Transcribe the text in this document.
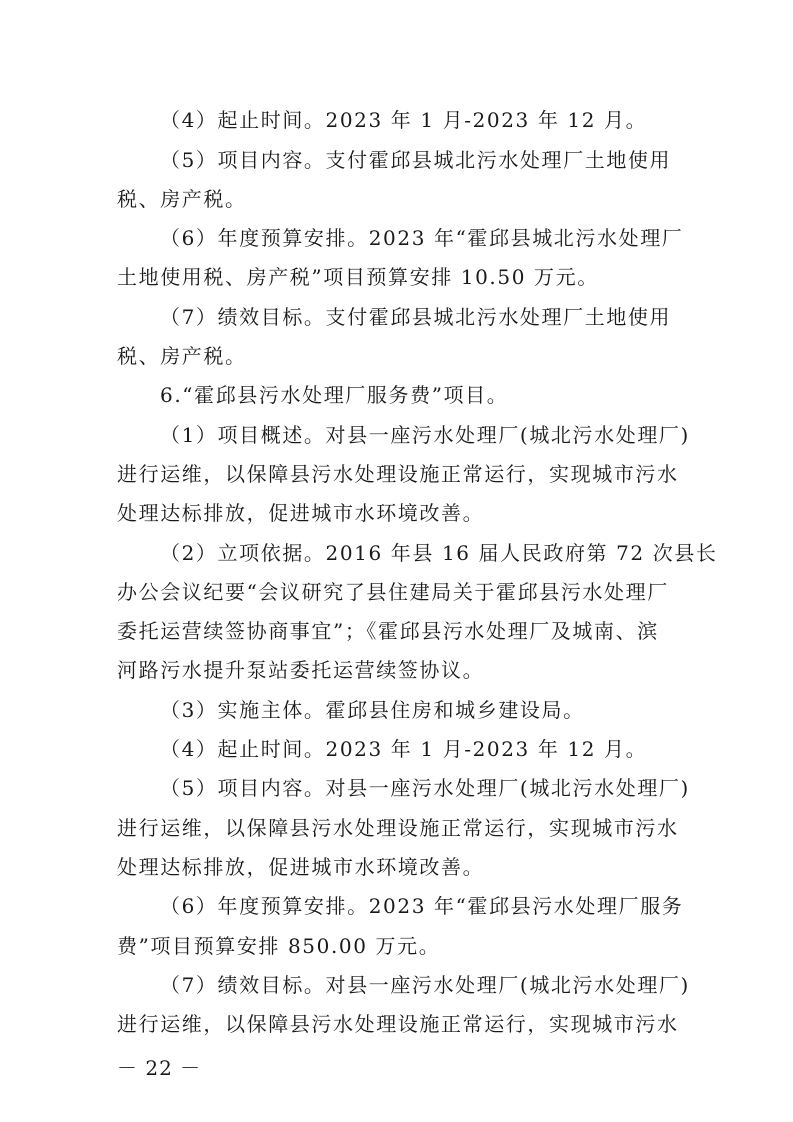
（4）起止时间。2023 年 1 月-2023 年 12 月。
（5）项目内容。支付霍邱县城北污水处理厂土地使用
税、房产税。
（6）年度预算安排。2023 年“霍邱县城北污水处理厂
土地使用税、房产税”项目预算安排 10.50 万元。
（7）绩效目标。支付霍邱县城北污水处理厂土地使用
税、房产税。
6.“霍邱县污水处理厂服务费”项目。
（1）项目概述。对县一座污水处理厂(城北污水处理厂)
进行运维，以保障县污水处理设施正常运行，实现城市污水
处理达标排放，促进城市水环境改善。
（2）立项依据。2016 年县 16 届人民政府第 72 次县长
办公会议纪要“会议研究了县住建局关于霍邱县污水处理厂
委托运营续签协商事宜”；《霍邱县污水处理厂及城南、滨
河路污水提升泵站委托运营续签协议。
（3）实施主体。霍邱县住房和城乡建设局。
（4）起止时间。2023 年 1 月-2023 年 12 月。
（5）项目内容。对县一座污水处理厂(城北污水处理厂)
进行运维，以保障县污水处理设施正常运行，实现城市污水
处理达标排放，促进城市水环境改善。
（6）年度预算安排。2023 年“霍邱县污水处理厂服务
费”项目预算安排 850.00 万元。
（7）绩效目标。对县一座污水处理厂(城北污水处理厂)
进行运维，以保障县污水处理设施正常运行，实现城市污水
－ 22 －
